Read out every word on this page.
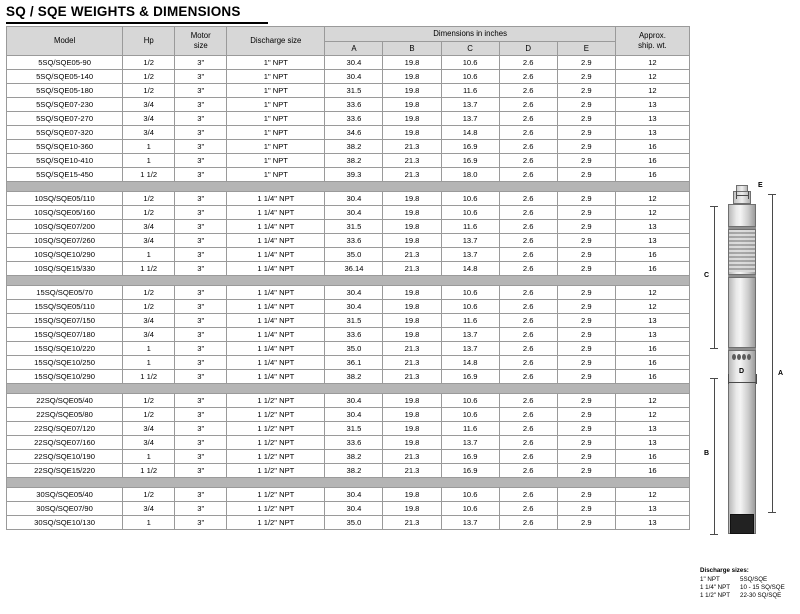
SQ / SQE WEIGHTS & DIMENSIONS
Model	Hp	Motor
size	Discharge size	Dimensions in inches					Approx.
ship. wt.
				A	B	C	D	E	
5SQ/SQE05-90	1/2	3"	1" NPT	30.4	19.8	10.6	2.6	2.9	12
5SQ/SQE05-140	1/2	3"	1" NPT	30.4	19.8	10.6	2.6	2.9	12
5SQ/SQE05-180	1/2	3"	1" NPT	31.5	19.8	11.6	2.6	2.9	12
5SQ/SQE07-230	3/4	3"	1" NPT	33.6	19.8	13.7	2.6	2.9	13
5SQ/SQE07-270	3/4	3"	1" NPT	33.6	19.8	13.7	2.6	2.9	13
5SQ/SQE07-320	3/4	3"	1" NPT	34.6	19.8	14.8	2.6	2.9	13
5SQ/SQE10-360	1	3"	1" NPT	38.2	21.3	16.9	2.6	2.9	16
5SQ/SQE10-410	1	3"	1" NPT	38.2	21.3	16.9	2.6	2.9	16
5SQ/SQE15-450	1 1/2	3"	1" NPT	39.3	21.3	18.0	2.6	2.9	16

10SQ/SQE05/110	1/2	3"	1 1/4" NPT	30.4	19.8	10.6	2.6	2.9	12
10SQ/SQE05/160	1/2	3"	1 1/4" NPT	30.4	19.8	10.6	2.6	2.9	12
10SQ/SQE07/200	3/4	3"	1 1/4" NPT	31.5	19.8	11.6	2.6	2.9	13
10SQ/SQE07/260	3/4	3"	1 1/4" NPT	33.6	19.8	13.7	2.6	2.9	13
10SQ/SQE10/290	1	3"	1 1/4" NPT	35.0	21.3	13.7	2.6	2.9	16
10SQ/SQE15/330	1 1/2	3"	1 1/4" NPT	36.14	21.3	14.8	2.6	2.9	16

15SQ/SQE05/70	1/2	3"	1 1/4" NPT	30.4	19.8	10.6	2.6	2.9	12
15SQ/SQE05/110	1/2	3"	1 1/4" NPT	30.4	19.8	10.6	2.6	2.9	12
15SQ/SQE07/150	3/4	3"	1 1/4" NPT	31.5	19.8	11.6	2.6	2.9	13
15SQ/SQE07/180	3/4	3"	1 1/4" NPT	33.6	19.8	13.7	2.6	2.9	13
15SQ/SQE10/220	1	3"	1 1/4" NPT	35.0	21.3	13.7	2.6	2.9	16
15SQ/SQE10/250	1	3"	1 1/4" NPT	36.1	21.3	14.8	2.6	2.9	16
15SQ/SQE10/290	1 1/2	3"	1 1/4" NPT	38.2	21.3	16.9	2.6	2.9	16

22SQ/SQE05/40	1/2	3"	1 1/2" NPT	30.4	19.8	10.6	2.6	2.9	12
22SQ/SQE05/80	1/2	3"	1 1/2" NPT	30.4	19.8	10.6	2.6	2.9	12
22SQ/SQE07/120	3/4	3"	1 1/2" NPT	31.5	19.8	11.6	2.6	2.9	13
22SQ/SQE07/160	3/4	3"	1 1/2" NPT	33.6	19.8	13.7	2.6	2.9	13
22SQ/SQE10/190	1	3"	1 1/2" NPT	38.2	21.3	16.9	2.6	2.9	16
22SQ/SQE15/220	1 1/2	3"	1 1/2" NPT	38.2	21.3	16.9	2.6	2.9	16

30SQ/SQE05/40	1/2	3"	1 1/2" NPT	30.4	19.8	10.6	2.6	2.9	12
30SQ/SQE07/90	3/4	3"	1 1/2" NPT	30.4	19.8	10.6	2.6	2.9	13
30SQ/SQE10/130	1	3"	1 1/2" NPT	35.0	21.3	13.7	2.6	2.9	13
E
C
A
B
D
Discharge sizes:
1" NPT	5SQ/SQE
1 1/4" NPT 10 - 15 SQ/SQE
1 1/2" NPT 22-30 SQ/SQE
